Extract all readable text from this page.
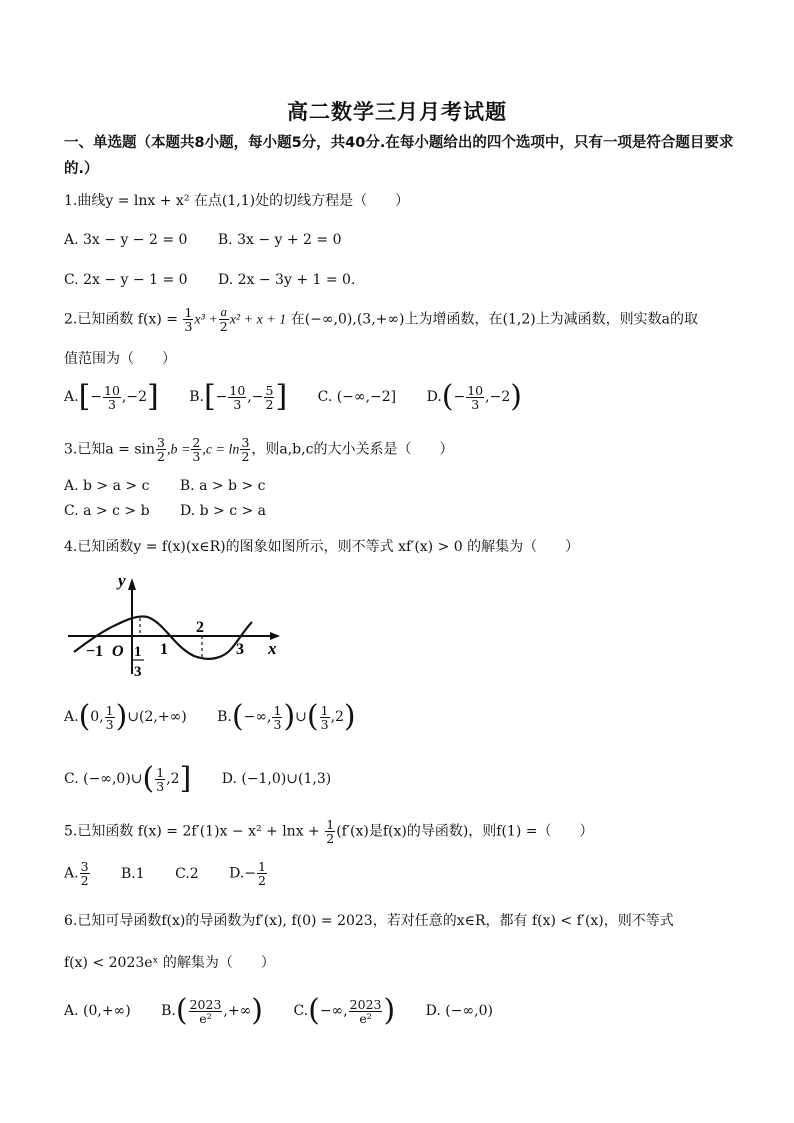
高二数学三月月考试题
一、单选题（本题共8小题，每小题5分，共40分.在每小题给出的四个选项中，只有一项是符合题目要求的.）
1.曲线y = lnx + x² 在点(1,1)处的切线方程是（　　）
A. 3x − y − 2 = 0 B. 3x − y + 2 = 0
C. 2x − y − 1 = 0 D. 2x − 3y + 1 = 0.
2.已知函数 $f(x) = \frac{1}{3} x^3 + \frac{a}{2} x^2 + x + 1$ 在(−∞,0),(3,+∞)上为增函数，在(1,2)上为减函数，则实数a的取
值范围为（　　）
$A.[- \frac{10}{3} ,-2]$ $B.[- \frac{10}{3}$ ,− $\frac{5}{2}$ ] C. (−∞,−2] $D.(- \frac{10}{3} ,-2)$
3.已知$a = \sin \frac{3}{2} ,b = \frac{2}{3} ,c = \ln \frac{3}{2}$ ，则a,b,c的大小关系是（　　）
A. b > a > c B. a > b > c
C. a > c > b D. b > c > a
4.已知函数y = f(x)(x∈R)的图象如图所示，则不等式 xf′(x) > 0 的解集为（　　）
y
x
−1 O 1
3
1
2
3
A.(0, $\frac{1}{3}$ )∪(2,+∞) B.(−∞, $\frac{1}{3}$ )∪( $\frac{1}{3} ,2$)
C. (−∞,0)∪( $\frac{1}{3} ,2$] D. (−1,0)∪(1,3)
5.已知函数 $f(x) = 2f'(1)x - x^2 + \ln x + \frac{1}{2} (f'(x)$是f(x)的导函数)，则f(1) =（　　）
A. $\frac{3}{2} B.1$ C.2 $D.- \frac{1}{2}$
6.已知可导函数f(x)的导函数为f′(x), f(0) = 2023，若对任意的x∈R，都有 f(x) < f′(x)，则不等式
f(x) < 2023eˣ 的解集为（　　）
A. (0,+∞) $B.( \frac{2023}{\text{e²}}$ ,+∞) C.(−∞, $\frac{2023}{\text{e²}}$ ) D. (−∞,0)
